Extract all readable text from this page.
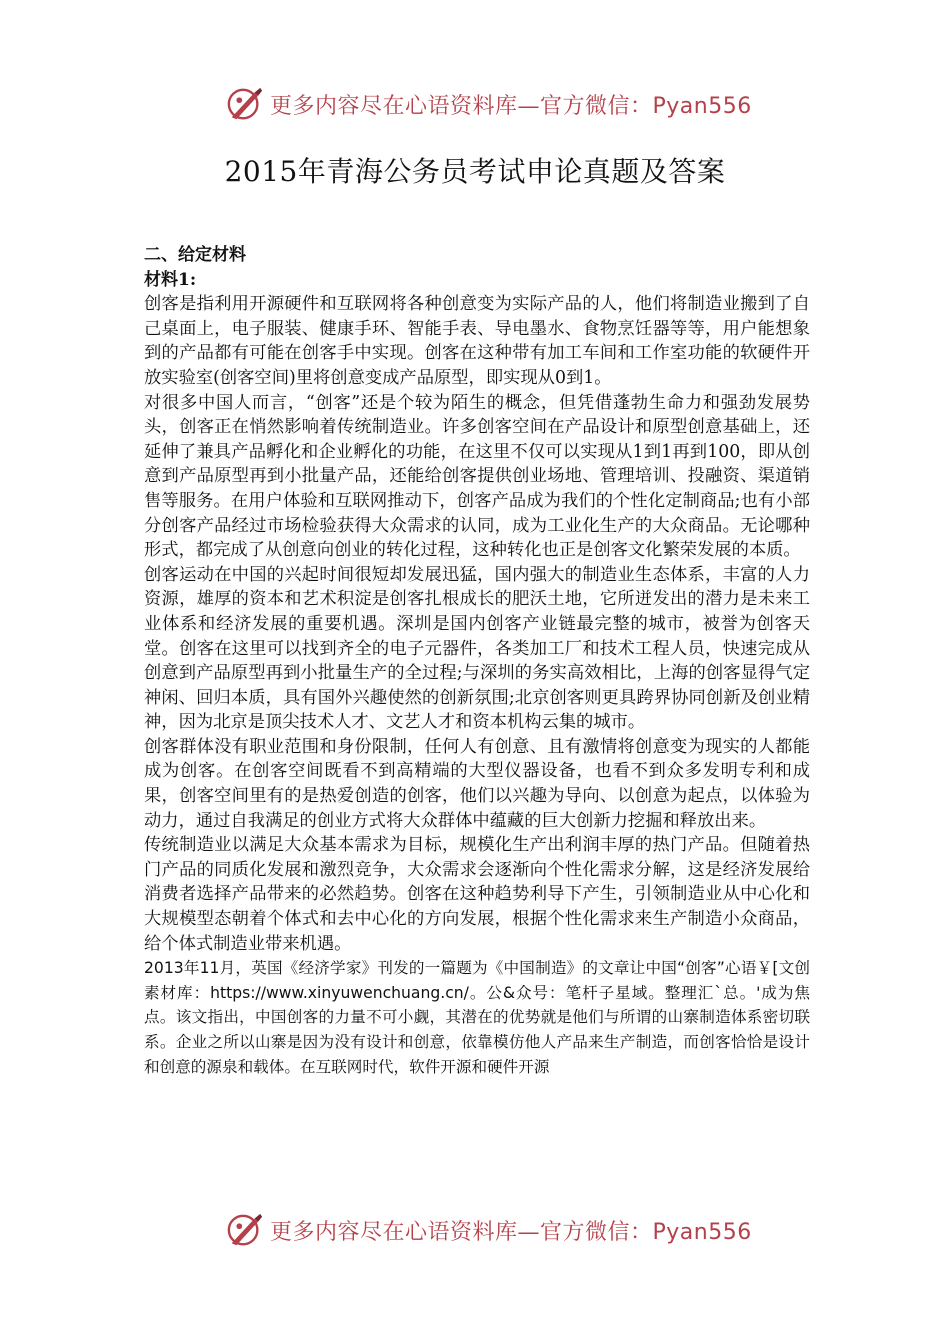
更多内容尽在心语资料库—官方微信：Pyan556
2015年青海公务员考试申论真题及答案

二、给定材料

材料1:

创客是指利用开源硬件和互联网将各种创意变为实际产品的人，他们将制造业搬到了自己桌面上，电子服装、健康手环、智能手表、导电墨水、食物烹饪器等等，用户能想象到的产品都有可能在创客手中实现。创客在这种带有加工车间和工作室功能的软硬件开放实验室(创客空间)里将创意变成产品原型，即实现从0到1。

对很多中国人而言，“创客”还是个较为陌生的概念，但凭借蓬勃生命力和强劲发展势头，创客正在悄然影响着传统制造业。许多创客空间在产品设计和原型创意基础上，还延伸了兼具产品孵化和企业孵化的功能，在这里不仅可以实现从1到1再到100，即从创意到产品原型再到小批量产品，还能给创客提供创业场地、管理培训、投融资、渠道销售等服务。在用户体验和互联网推动下，创客产品成为我们的个性化定制商品;也有小部分创客产品经过市场检验获得大众需求的认同，成为工业化生产的大众商品。无论哪种形式，都完成了从创意向创业的转化过程，这种转化也正是创客文化繁荣发展的本质。

创客运动在中国的兴起时间很短却发展迅猛，国内强大的制造业生态体系，丰富的人力资源，雄厚的资本和艺术积淀是创客扎根成长的肥沃土地，它所迸发出的潜力是未来工业体系和经济发展的重要机遇。深圳是国内创客产业链最完整的城市，被誉为创客天堂。创客在这里可以找到齐全的电子元器件，各类加工厂和技术工程人员，快速完成从创意到产品原型再到小批量生产的全过程;与深圳的务实高效相比，上海的创客显得气定神闲、回归本质，具有国外兴趣使然的创新氛围;北京创客则更具跨界协同创新及创业精神，因为北京是顶尖技术人才、文艺人才和资本机构云集的城市。

创客群体没有职业范围和身份限制，任何人有创意、且有激情将创意变为现实的人都能成为创客。在创客空间既看不到高精端的大型仪器设备，也看不到众多发明专利和成果，创客空间里有的是热爱创造的创客，他们以兴趣为导向、以创意为起点，以体验为动力，通过自我满足的创业方式将大众群体中蕴藏的巨大创新力挖掘和释放出来。

传统制造业以满足大众基本需求为目标，规模化生产出利润丰厚的热门产品。但随着热门产品的同质化发展和激烈竞争，大众需求会逐渐向个性化需求分解，这是经济发展给消费者选择产品带来的必然趋势。创客在这种趋势利导下产生，引领制造业从中心化和大规模型态朝着个体式和去中心化的方向发展，根据个性化需求来生产制造小众商品，给个体式制造业带来机遇。

2013年11月，英国《经济学家》刊发的一篇题为《中国制造》的文章让中国“创客”心语￥[文创素材库：https://www.xinyuwenchuang.cn/。公&众号：笔杆子星域。整理汇`总。'成为焦点。该文指出，中国创客的力量不可小觑，其潜在的优势就是他们与所谓的山寨制造体系密切联系。企业之所以山寨是因为没有设计和创意，依靠模仿他人产品来生产制造，而创客恰恰是设计和创意的源泉和载体。在互联网时代，软件开源和硬件开源

更多内容尽在心语资料库—官方微信：Pyan556
